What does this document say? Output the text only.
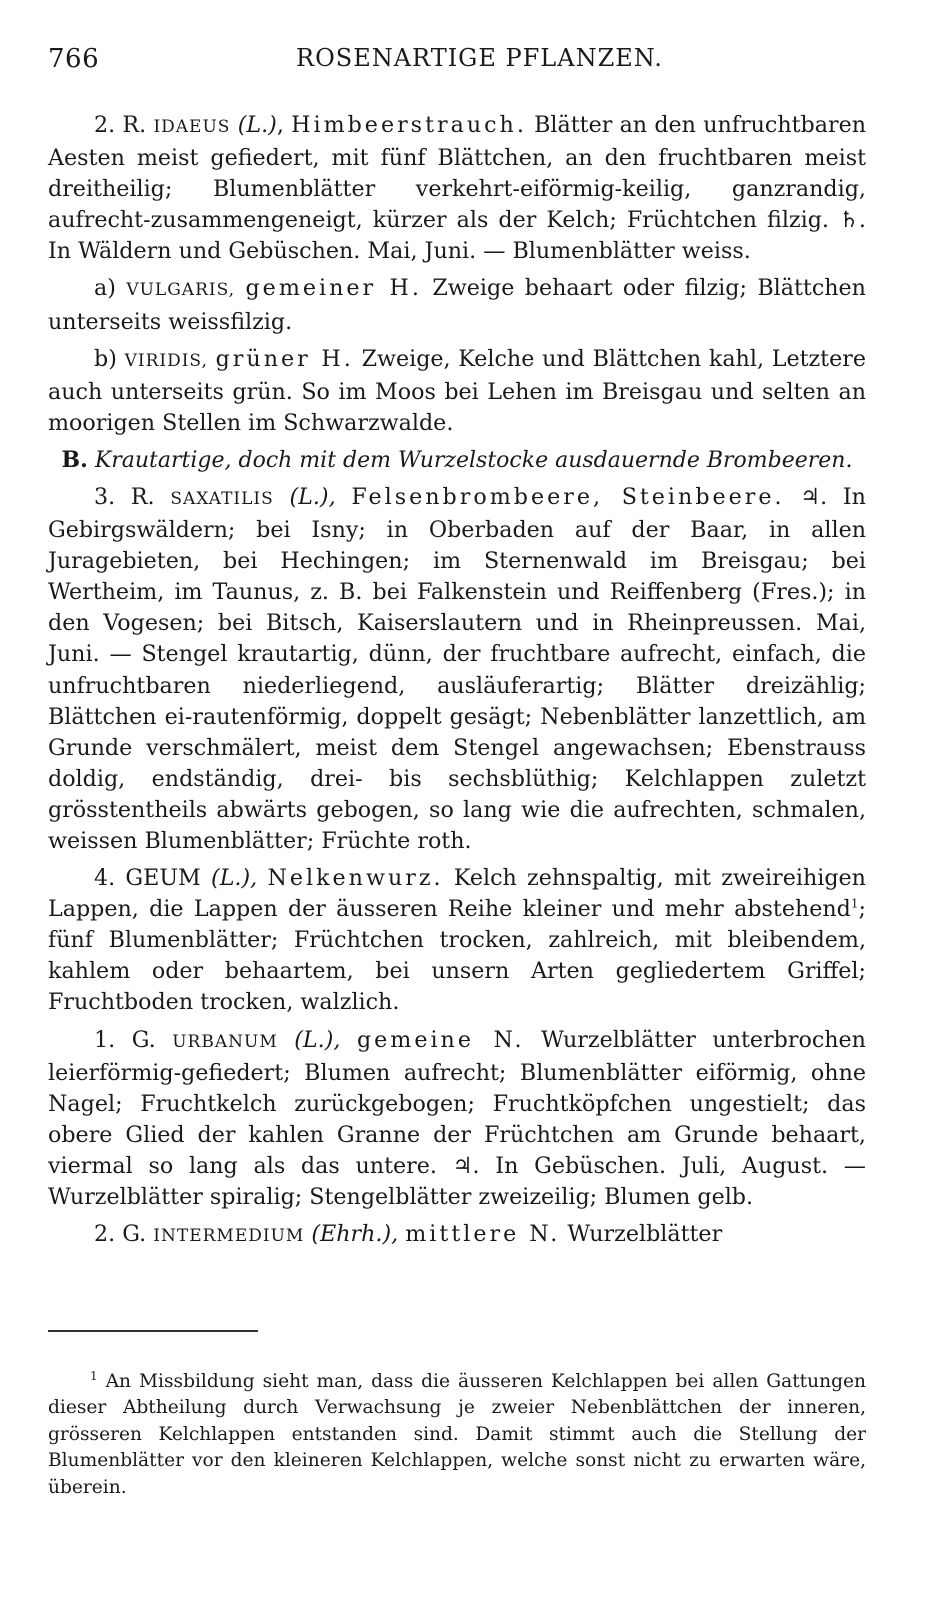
766	ROSENARTIGE PFLANZEN.

2. R. IDAEUS (L.), Himbeerstrauch. Blätter an den unfruchtbaren Aesten meist gefiedert, mit fünf Blättchen, an den fruchtbaren meist dreitheilig; Blumenblätter verkehrt-eiförmig-keilig, ganzrandig, aufrecht-zusammengeneigt, kürzer als der Kelch; Früchtchen filzig. ♄. In Wäldern und Gebüschen. Mai, Juni. — Blumenblätter weiss.

a) VULGARIS, gemeiner H. Zweige behaart oder filzig; Blättchen unterseits weissfilzig.

b) VIRIDIS, grüner H. Zweige, Kelche und Blättchen kahl, Letztere auch unterseits grün. So im Moos bei Lehen im Breisgau und selten an moorigen Stellen im Schwarzwalde.

B. Krautartige, doch mit dem Wurzelstocke ausdauernde Brombeeren.

3. R. SAXATILIS (L.), Felsenbrombeere, Steinbeere. ♃. In Gebirgswäldern; bei Isny; in Oberbaden auf der Baar, in allen Juragebieten, bei Hechingen; im Sternenwald im Breisgau; bei Wertheim, im Taunus, z. B. bei Falkenstein und Reiffenberg (Fres.); in den Vogesen; bei Bitsch, Kaiserslautern und in Rheinpreussen. Mai, Juni. — Stengel krautartig, dünn, der fruchtbare aufrecht, einfach, die unfruchtbaren niederliegend, ausläuferartig; Blätter dreizählig; Blättchen ei-rautenförmig, doppelt gesägt; Nebenblätter lanzettlich, am Grunde verschmälert, meist dem Stengel angewachsen; Ebenstrauss doldig, endständig, drei- bis sechsblüthig; Kelchlappen zuletzt grösstentheils abwärts gebogen, so lang wie die aufrechten, schmalen, weissen Blumenblätter; Früchte roth.

4. GEUM (L.), Nelkenwurz. Kelch zehnspaltig, mit zweireihigen Lappen, die Lappen der äusseren Reihe kleiner und mehr abstehend$^1$; fünf Blumenblätter; Früchtchen trocken, zahlreich, mit bleibendem, kahlem oder behaartem, bei unsern Arten gegliedertem Griffel; Fruchtboden trocken, walzlich.

1. G. URBANUM (L.), gemeine N. Wurzelblätter unterbrochen leierförmig-gefiedert; Blumen aufrecht; Blumenblätter eiförmig, ohne Nagel; Fruchtkelch zurückgebogen; Fruchtköpfchen ungestielt; das obere Glied der kahlen Granne der Früchtchen am Grunde behaart, viermal so lang als das untere. ♃. In Gebüschen. Juli, August. — Wurzelblätter spiralig; Stengelblätter zweizeilig; Blumen gelb.

2. G. INTERMEDIUM (Ehrh.), mittlere N. Wurzelblätter

$^1$ An Missbildung sieht man, dass die äusseren Kelchlappen bei allen Gattungen dieser Abtheilung durch Verwachsung je zweier Nebenblättchen der inneren, grösseren Kelchlappen entstanden sind. Damit stimmt auch die Stellung der Blumenblätter vor den kleineren Kelchlappen, welche sonst nicht zu erwarten wäre, überein.
